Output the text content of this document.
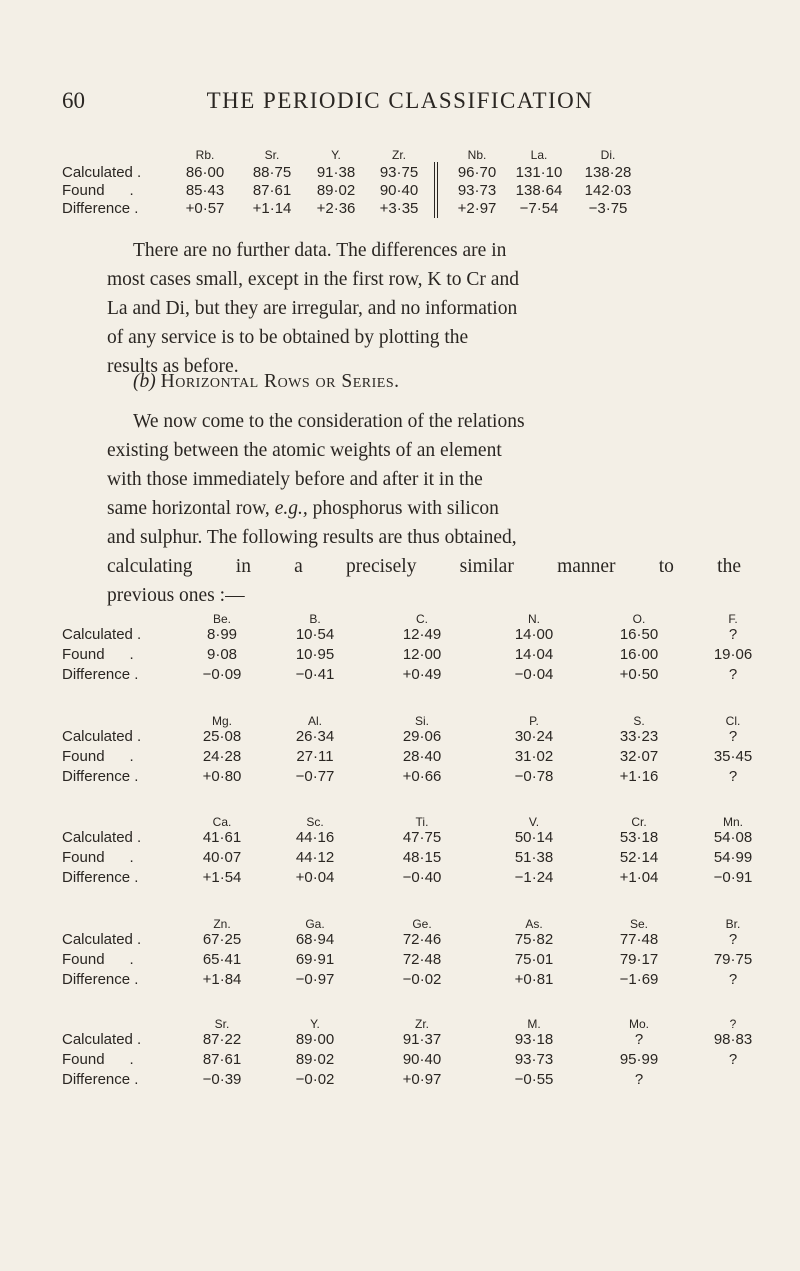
60	THE PERIODIC CLASSIFICATION
Rb.	Sr.	Y.	Zr.	Nb.	La.	Di.
Calculated .	86·00	88·75	91·38	93·75	96·70	131·10 138·28
Found      .	85·43	87·61	89·02	90·40	93·73	138·64 142·03
Difference .	+0·57	+1·14	+2·36	+3·35	+2·97	−7·54	−3·75
There are no further data. The differences are in
most cases small, except in the first row, K to Cr and
La and Di, but they are irregular, and no information
of any service is to be obtained by plotting the
results as before.
(b) Horizontal Rows or Series.
We now come to the consideration of the relations
existing between the atomic weights of an element
with those immediately before and after it in the
same horizontal row, e.g., phosphorus with silicon
and sulphur. The following results are thus obtained,
calculating in a precisely similar manner to the
previous ones :—
Be.	B.	C.	N.	O.	F.
Calculated .	8·99	10·54	12·49	14·00	16·50	?
Found      .	9·08	10·95	12·00	14·04	16·00	19·06
Difference .	−0·09	−0·41	+0·49	−0·04	+0·50	?
Mg.	Al.	Si.	P.	S.	Cl.
Calculated .	25·08	26·34	29·06	30·24	33·23	?
Found      .	24·28	27·11	28·40	31·02	32·07	35·45
Difference .	+0·80	−0·77	+0·66	−0·78	+1·16	?
Ca.	Sc.	Ti.	V.	Cr.	Mn.
Calculated .	41·61	44·16	47·75	50·14	53·18	54·08
Found      .	40·07	44·12	48·15	51·38	52·14	54·99
Difference .	+1·54	+0·04	−0·40	−1·24	+1·04	−0·91
Zn.	Ga.	Ge.	As.	Se.	Br.
Calculated .	67·25	68·94	72·46	75·82	77·48	?
Found      .	65·41	69·91	72·48	75·01	79·17	79·75
Difference .	+1·84	−0·97	−0·02	+0·81	−1·69	?
Sr.	Y.	Zr.	M.	Mo.	?
Calculated .	87·22	89·00	91·37	93·18	?	98·83
Found      .	87·61	89·02	90·40	93·73	95·99	?
Difference .	−0·39	−0·02	+0·97	−0·55	?
